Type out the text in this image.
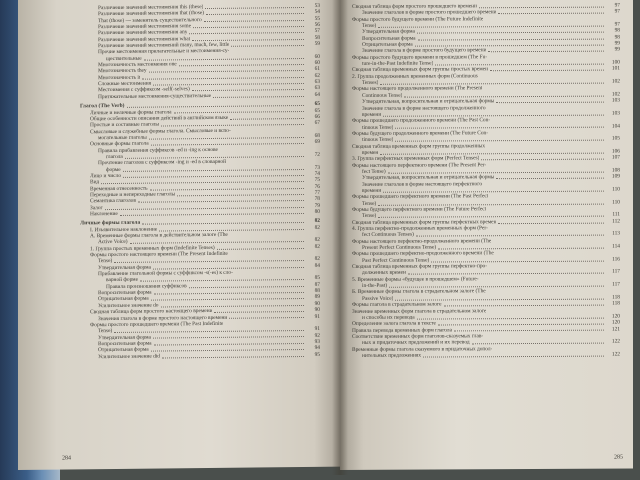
Различение значений местоимения this (these)	53
Различение значений местоимения that (those)	54
That (those) — заменитель существительного	55
Различение значений местоимения some	56
Различение значений местоимения any	57
Различение значений местоимения what	58
Различение значений местоимений many, much, few, little	59
Прочие местоимения прилагательные и местоимения-су-
ществительные	60
Многозначность местоимения one	60
Многозначность they	61
Многозначность it	62
Сложные местоимения	63
Местоимения с суффиксом -self(-selves)	63
Притяжательные местоимения-существительные	64
Глагол (The Verb)	65
Личные и неличные формы глагола	65
Общие особенности описания действий в английском языке	66
Простые и составные глаголы	67
Смысловые и служебные формы глагола. Смысловые и вспо-
могательные глаголы	68
Основные формы глагола	69
Правила прибавления суффиксов -ed и -ing к основе
глагола	72
Прочтение глаголов с суффиксом -ing и -ed в словарной
форме	73
Лицо и число	74
Вид	75
Временная отнесенность	76
Переходные и непереходные глаголы	77
Семантика глаголов	78
Залог	79
Наклонение	80
Личные формы глагола	82
I. Изъявительное наклонение	82
А. Временные формы глагола в действительном залоге (The
Active Voice)	82
1. Группа простых временных форм (Indefinite Tenses)	82
Формы простого настоящего времени (The Present Indefinite
Tense)	82
Утвердительная форма	84
Прибавление глагольной формы с суффиксом -s(-es) к сло-
варной форме	85
Правила произношения суффиксов	87
Вопросительная форма	88
Отрицательная форма	89
Усилительное значение do	90
Сводная таблица форм простого настоящего времени	90
Значения глагола в форме простого настоящего времени	91
Формы простого прошедшего времени (The Past Indefinite
Tense)	91
Утвердительная форма	92
Вопросительная форма	93
Отрицательная форма	94
Усилительное значение did	95
284
Сводная таблица форм простого прошедшего времени	97
Значение глаголов в форме простого прошедшего времени	97
Формы простого будущего времени (The Future Indefinite
Tense)	97
Утвердительная форма	98
Вопросительная форма	98
Отрицательная форма	99
Значение глагола в форме простого будущего времени	99
Формы простого будущего времени в прошедшем (The Fu-
ture-in-the-Past Indefinite Tense)	100
Сводная таблица временных форм группы простых времен	101
2. Группа продолженных временных форм (Continuous
Tenses)	102
Формы настоящего продолженного времени (The Present
Continuous Tense)	102
Утвердительная, вопросительная и отрицательная формы	103
Значение глагола в форме настоящего продолженного
времени	103
Формы прошедшего продолженного времени (The Past Con-
tinuous Tense)	104
Формы будущего продолженного времени (The Future Con-
tinuous Tense)	105
Сводная таблица временных форм группы продолженных
времен	106
3. Группа перфектных временных форм (Perfect Tenses)	107
Формы настоящего перфектного времени (The Present Per-
fect Tense)	108
Утвердительная, вопросительная и отрицательная формы	109
Значение глаголов в форме настоящего перфектного
времени	110
Формы прошедшего перфектного времени (The Past Perfect
Tense)	110
Формы будущего перфектного времени (The Future Perfect
Tense)	111
Сводная таблица временных форм группы перфектных времен	112
4. Группа перфектно-продолженных временных форм (Per-
fect Continuous Tenses)	113
Формы настоящего перфектно-продолженного времени (The
Present Perfect Continuous Tense)	114
Формы прошедшего перфектно-продолженного времени (The
Past Perfect Continuous Tense)	116
Сводная таблица временных форм группы перфектно-про-
долженных времен	117
5. Временные формы «будущее в прошедшем» (Future-
in-the-Past)	117
Б. Временные формы глагола в страдательном залоге (The
Passive Voice)	118
Формы глагола в страдательном залоге	118
Значение временных форм глагола в страдательном залоге
и способы их перевода	120
Определение залога глагола в тексте	120
Правила перевода временных форм глагола	121
Соответствие временных форм глаголов-сказуемых глав-
ных и придаточных предложений и их перевод	122
Временные формы глагола сказуемого в придаточных допол-
нительных предложениях	122
285
